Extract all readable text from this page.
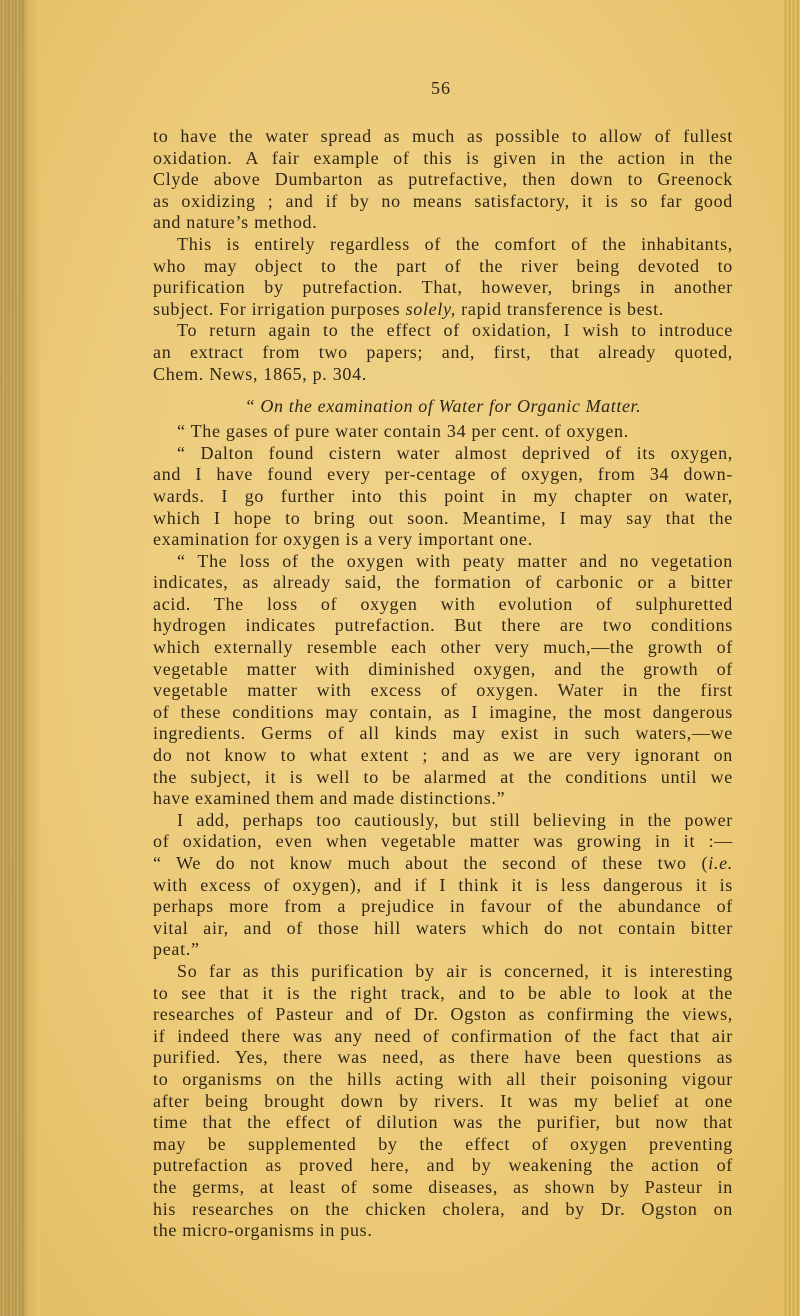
56
to have the water spread as much as possible to allow of fullest
oxidation. A fair example of this is given in the action in the
Clyde above Dumbarton as putrefactive, then down to Greenock
as oxidizing ; and if by no means satisfactory, it is so far good
and nature’s method.
This is entirely regardless of the comfort of the inhabitants,
who may object to the part of the river being devoted to
purification by putrefaction. That, however, brings in another
subject. For irrigation purposes solely, rapid transference is best.
To return again to the effect of oxidation, I wish to introduce
an extract from two papers; and, first, that already quoted,
Chem. News, 1865, p. 304.
“ On the examination of Water for Organic Matter.
“ The gases of pure water contain 34 per cent. of oxygen.
“ Dalton found cistern water almost deprived of its oxygen,
and I have found every per-centage of oxygen, from 34 down-
wards. I go further into this point in my chapter on water,
which I hope to bring out soon. Meantime, I may say that the
examination for oxygen is a very important one.
“ The loss of the oxygen with peaty matter and no vegetation
indicates, as already said, the formation of carbonic or a bitter
acid. The loss of oxygen with evolution of sulphuretted
hydrogen indicates putrefaction. But there are two conditions
which externally resemble each other very much,—the growth of
vegetable matter with diminished oxygen, and the growth of
vegetable matter with excess of oxygen. Water in the first
of these conditions may contain, as I imagine, the most dangerous
ingredients. Germs of all kinds may exist in such waters,—we
do not know to what extent ; and as we are very ignorant on
the subject, it is well to be alarmed at the conditions until we
have examined them and made distinctions.”
I add, perhaps too cautiously, but still believing in the power
of oxidation, even when vegetable matter was growing in it :—
“ We do not know much about the second of these two (i.e.
with excess of oxygen), and if I think it is less dangerous it is
perhaps more from a prejudice in favour of the abundance of
vital air, and of those hill waters which do not contain bitter
peat.”
So far as this purification by air is concerned, it is interesting
to see that it is the right track, and to be able to look at the
researches of Pasteur and of Dr. Ogston as confirming the views,
if indeed there was any need of confirmation of the fact that air
purified. Yes, there was need, as there have been questions as
to organisms on the hills acting with all their poisoning vigour
after being brought down by rivers. It was my belief at one
time that the effect of dilution was the purifier, but now that
may be supplemented by the effect of oxygen preventing
putrefaction as proved here, and by weakening the action of
the germs, at least of some diseases, as shown by Pasteur in
his researches on the chicken cholera, and by Dr. Ogston on
the micro-organisms in pus.
